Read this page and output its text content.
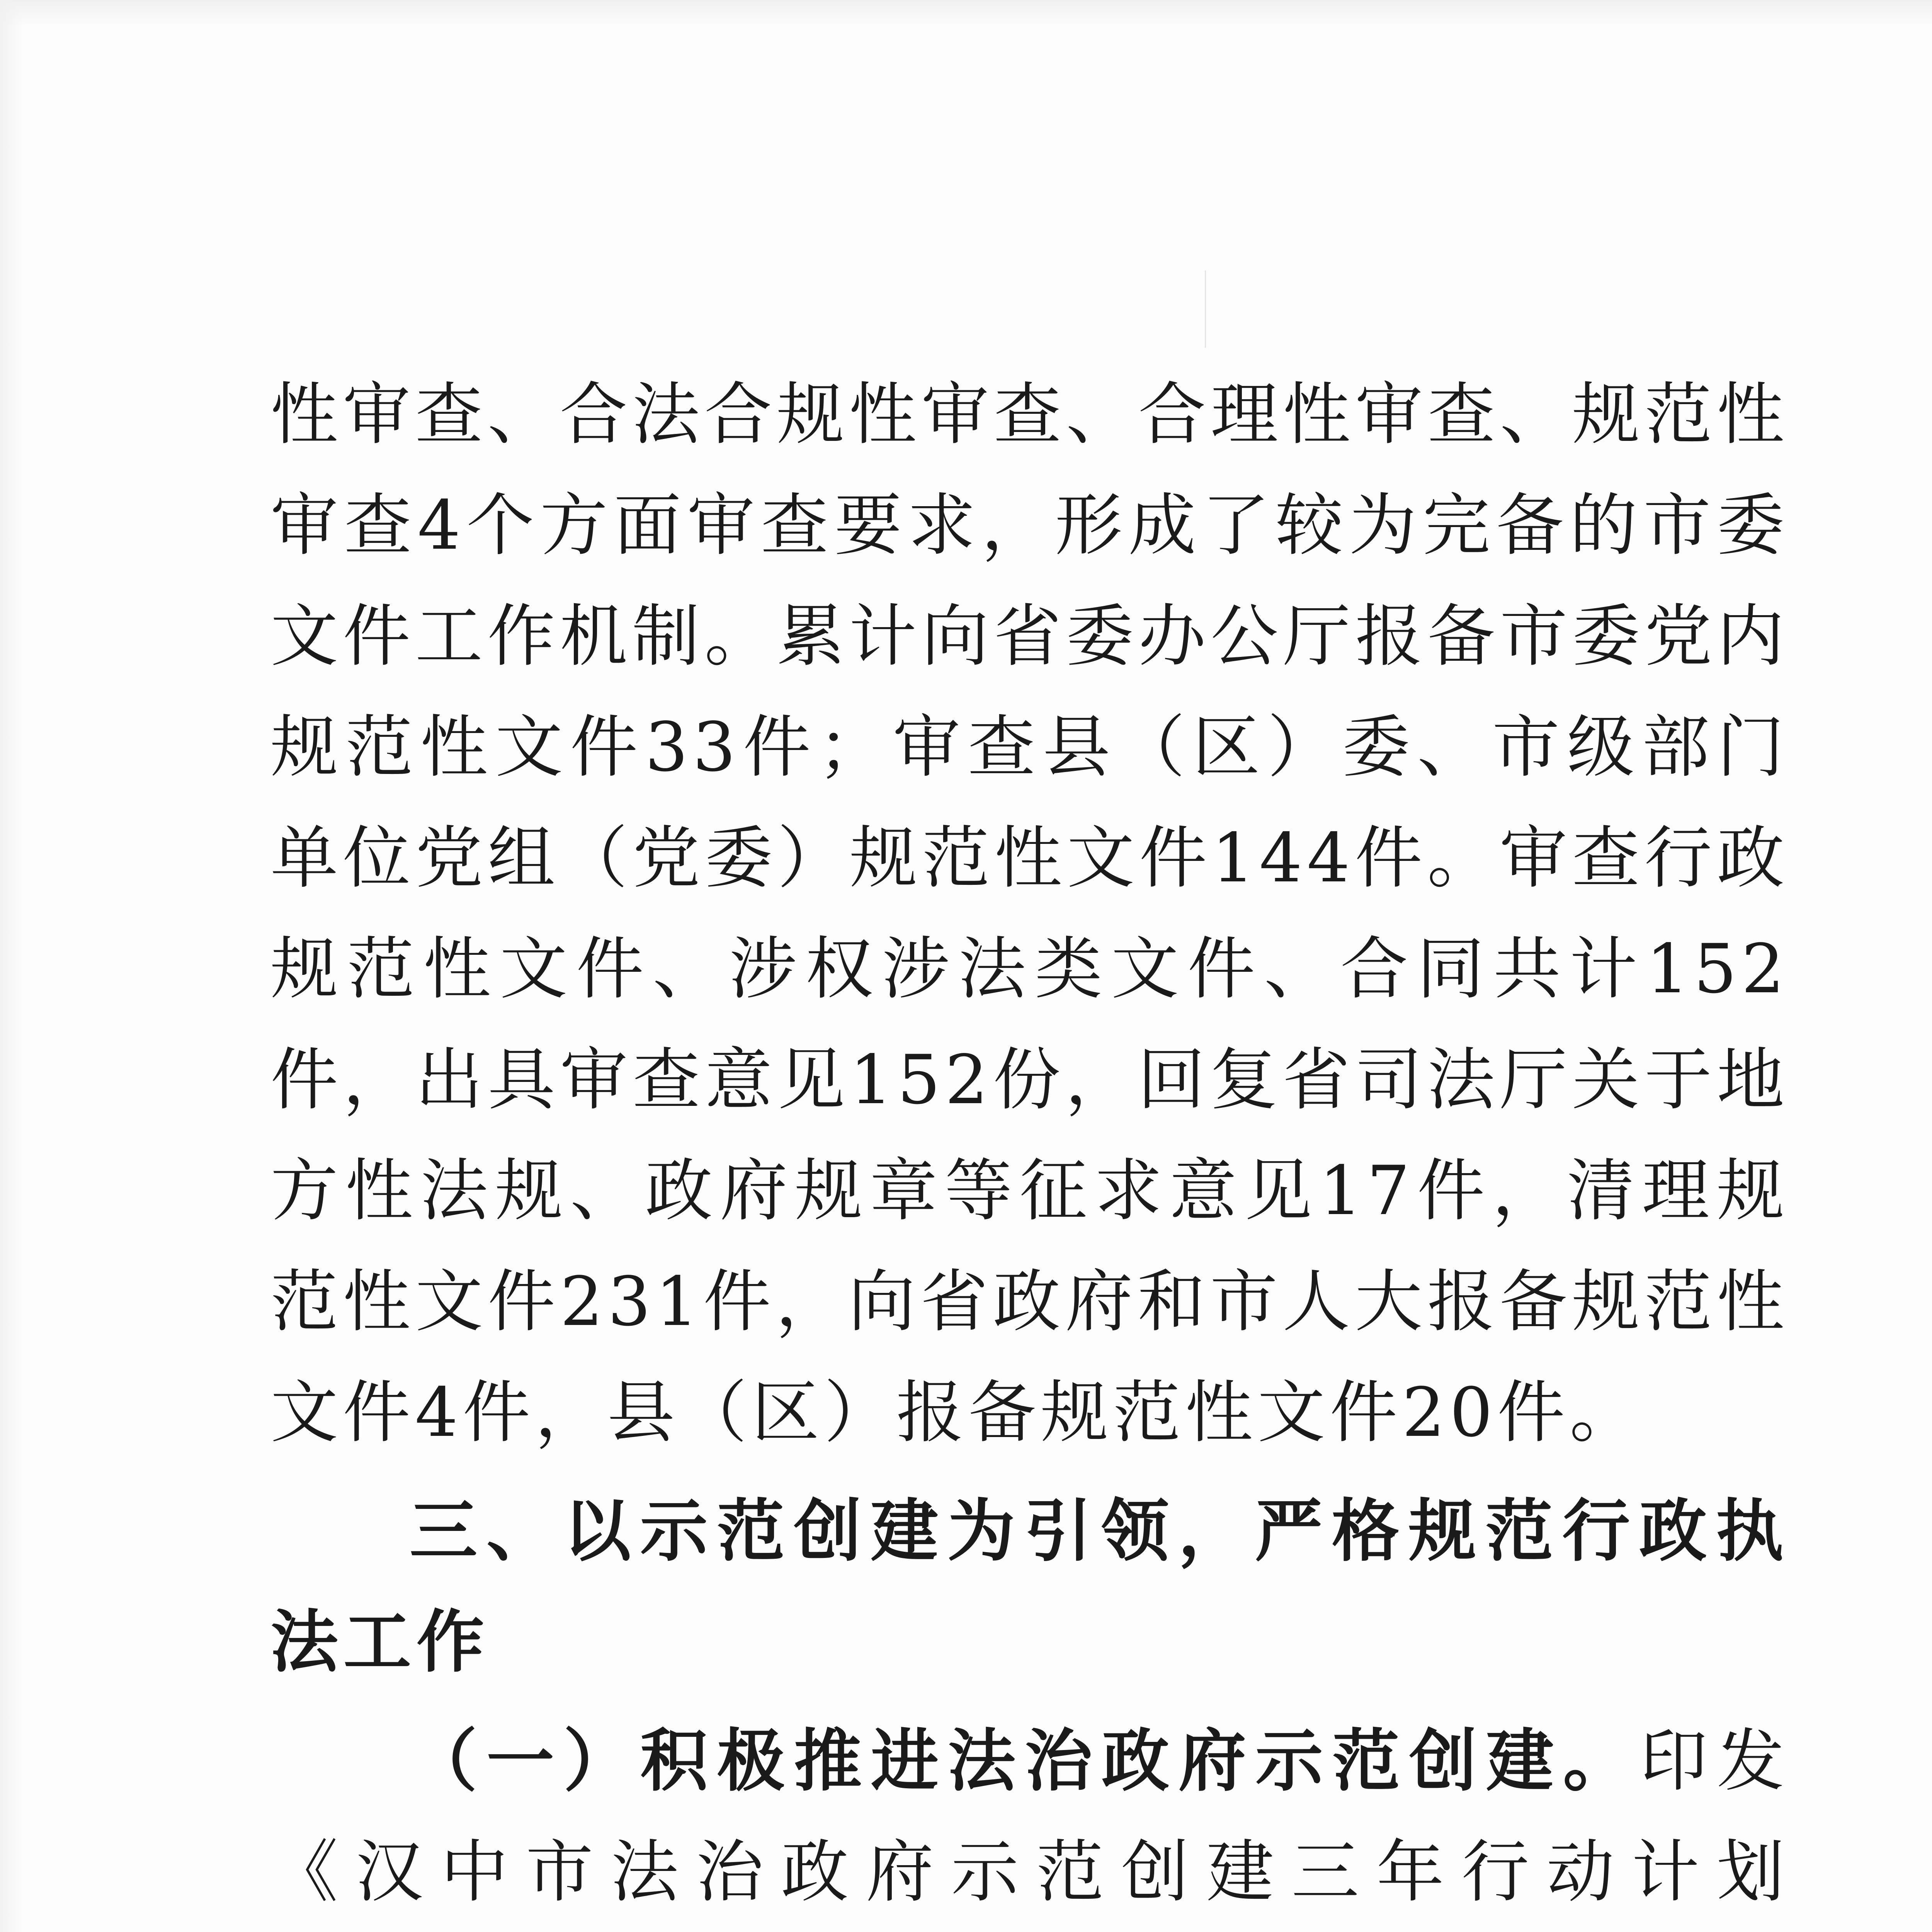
性审查、合法合规性审查、合理性审查、规范性审查4个方面审查要求，形成了较为完备的市委文件工作机制。累计向省委办公厅报备市委党内规范性文件33件；审查县（区）委、市级部门单位党组（党委）规范性文件144件。审查行政规范性文件、涉权涉法类文件、合同共计152件，出具审查意见152份，回复省司法厅关于地方性法规、政府规章等征求意见17件，清理规范性文件231件，向省政府和市人大报备规范性文件4件，县（区）报备规范性文件20件。

三、以示范创建为引领，严格规范行政执法工作

（一）积极推进法治政府示范创建。印发《汉中市法治政府示范创建三年行动计划
